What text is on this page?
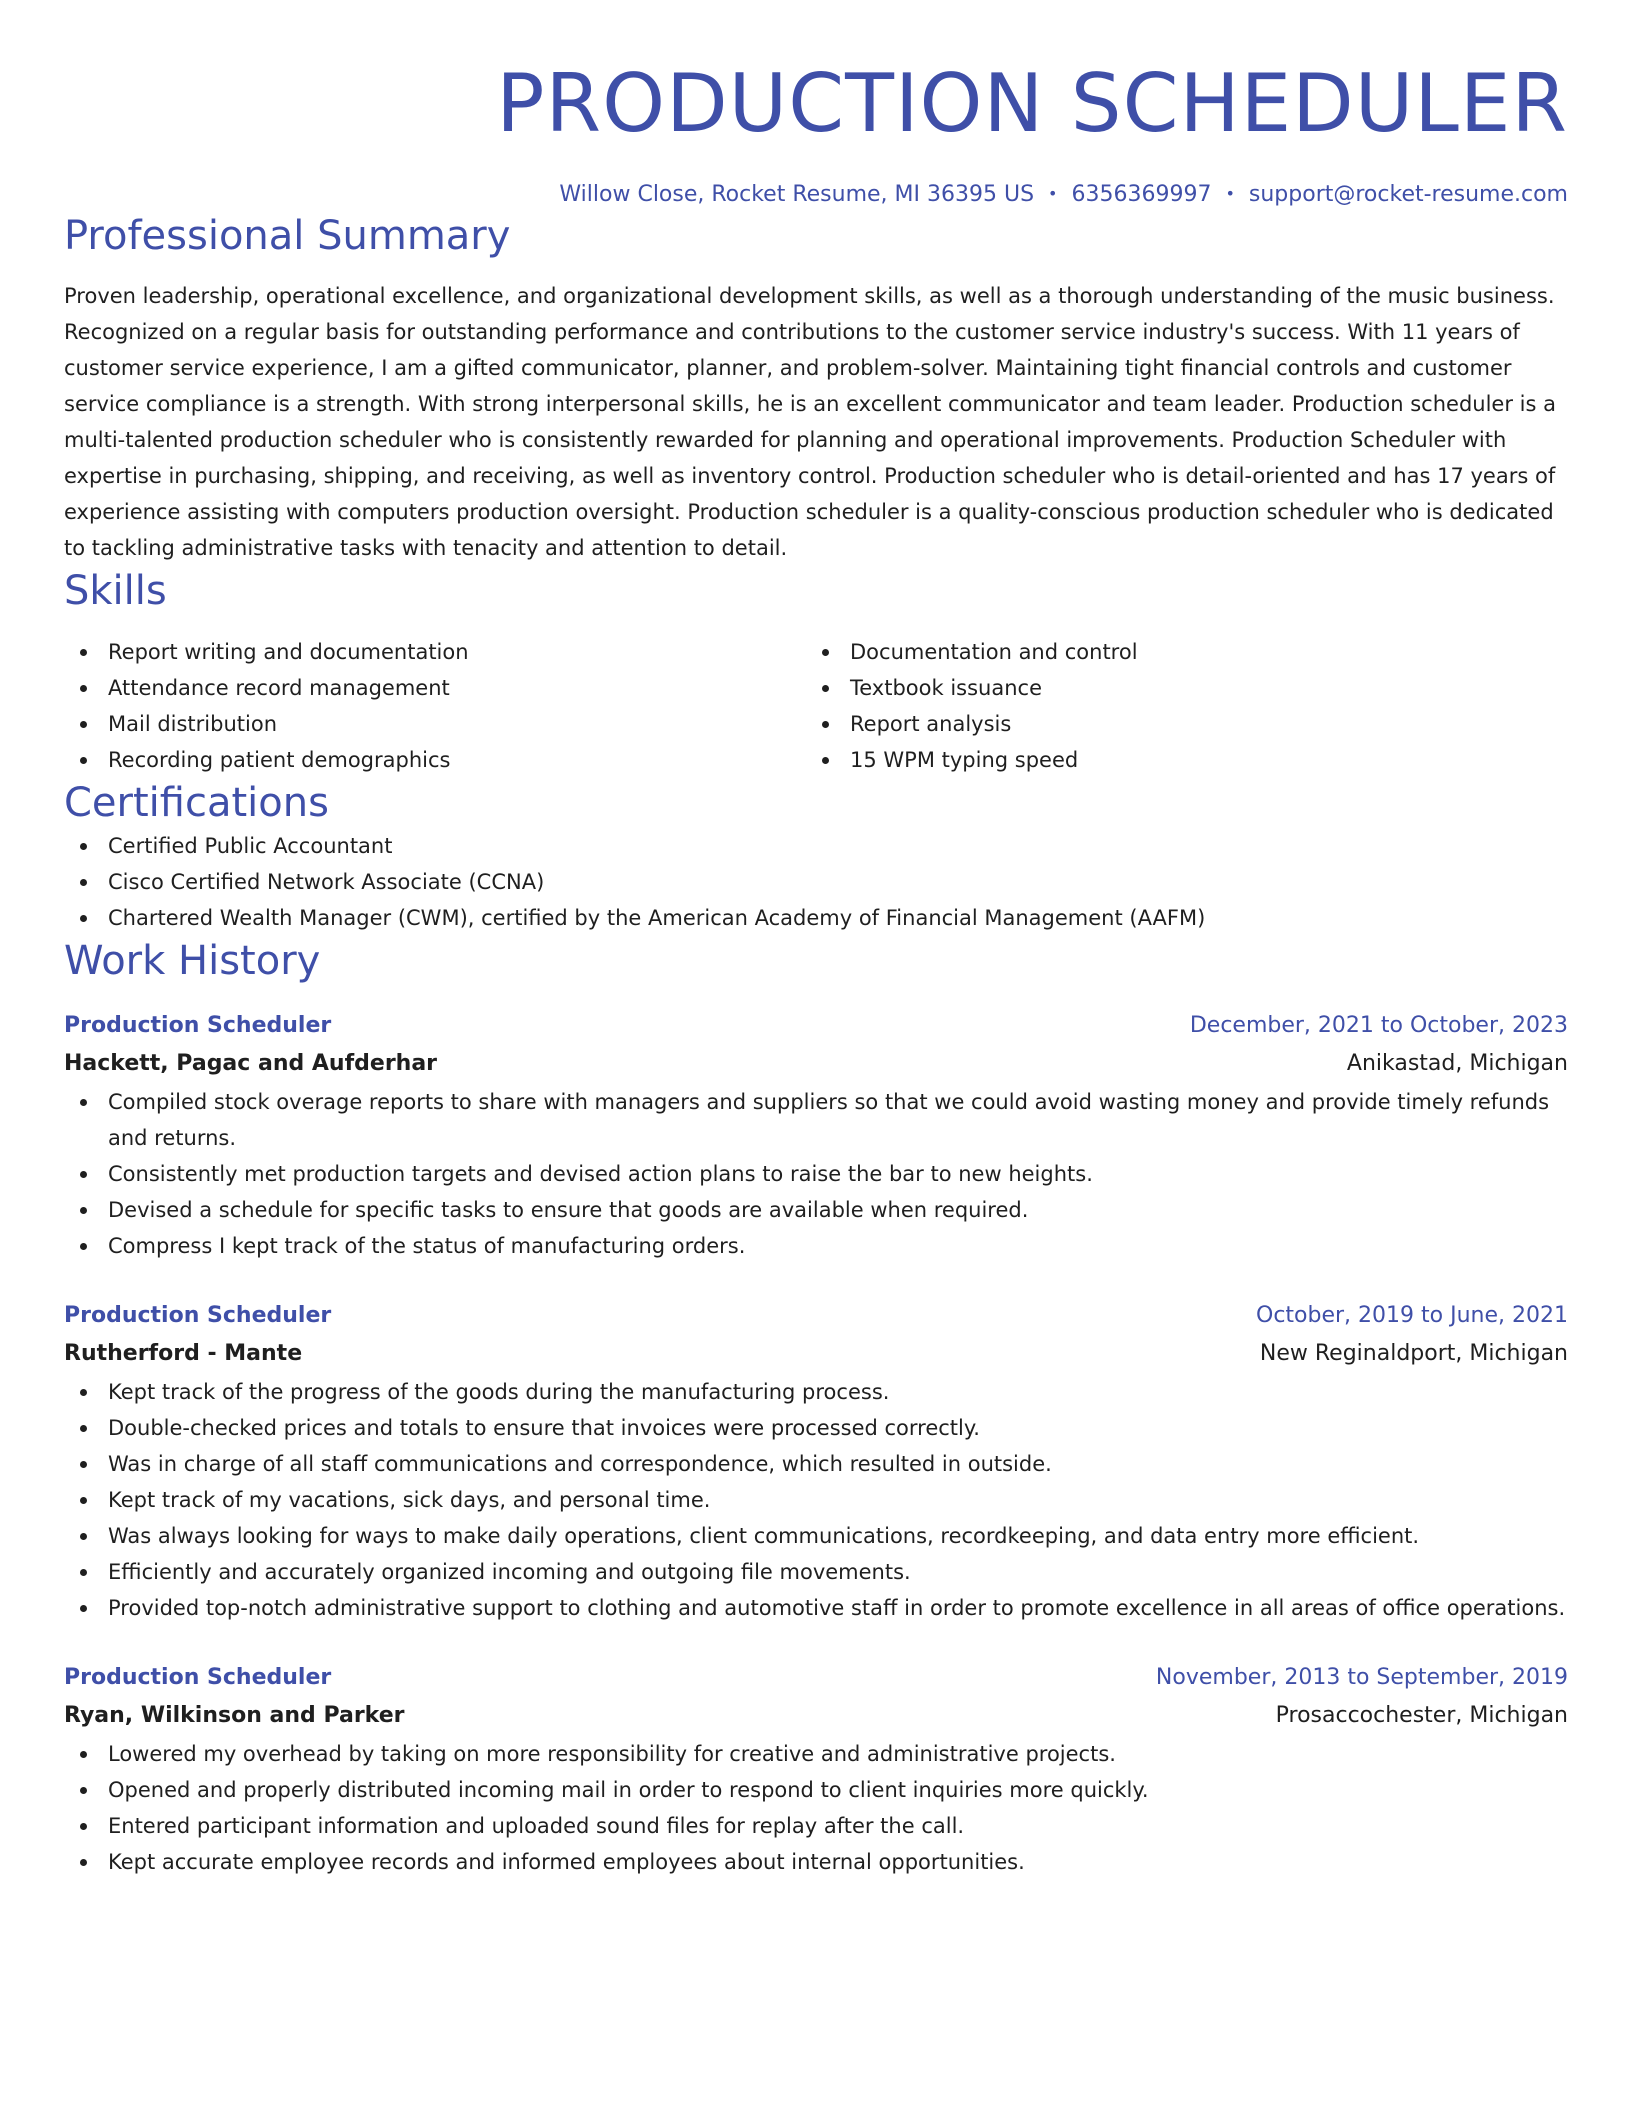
PRODUCTION SCHEDULER
Willow Close, Rocket Resume, MI 36395 US • 6356369997 • support@rocket-resume.com
Professional Summary

Proven leadership, operational excellence, and organizational development skills, as well as a thorough understanding of the music business. Recognized on a regular basis for outstanding performance and contributions to the customer service industry's success. With 11 years of customer service experience, I am a gifted communicator, planner, and problem-solver. Maintaining tight financial controls and customer service compliance is a strength. With strong interpersonal skills, he is an excellent communicator and team leader. Production scheduler is a multi-talented production scheduler who is consistently rewarded for planning and operational improvements. Production Scheduler with expertise in purchasing, shipping, and receiving, as well as inventory control. Production scheduler who is detail-oriented and has 17 years of experience assisting with computers production oversight. Production scheduler is a quality-conscious production scheduler who is dedicated to tackling administrative tasks with tenacity and attention to detail.

Skills
Report writing and documentation
Attendance record management
Mail distribution
Recording patient demographics
Documentation and control
Textbook issuance
Report analysis
15 WPM typing speed
Certifications
Certified Public Accountant
Cisco Certified Network Associate (CCNA)
Chartered Wealth Manager (CWM), certified by the American Academy of Financial Management (AAFM)
Work History
Production Scheduler	December, 2021 to October, 2023
Hackett, Pagac and Aufderhar	Anikastad, Michigan
Compiled stock overage reports to share with managers and suppliers so that we could avoid wasting money and provide timely refunds and returns.
Consistently met production targets and devised action plans to raise the bar to new heights.
Devised a schedule for specific tasks to ensure that goods are available when required.
Compress I kept track of the status of manufacturing orders.
Production Scheduler	October, 2019 to June, 2021
Rutherford - Mante	New Reginaldport, Michigan
Kept track of the progress of the goods during the manufacturing process.
Double-checked prices and totals to ensure that invoices were processed correctly.
Was in charge of all staff communications and correspondence, which resulted in outside.
Kept track of my vacations, sick days, and personal time.
Was always looking for ways to make daily operations, client communications, recordkeeping, and data entry more efficient.
Efficiently and accurately organized incoming and outgoing file movements.
Provided top-notch administrative support to clothing and automotive staff in order to promote excellence in all areas of office operations.
Production Scheduler	November, 2013 to September, 2019
Ryan, Wilkinson and Parker	Prosaccochester, Michigan
Lowered my overhead by taking on more responsibility for creative and administrative projects.
Opened and properly distributed incoming mail in order to respond to client inquiries more quickly.
Entered participant information and uploaded sound files for replay after the call.
Kept accurate employee records and informed employees about internal opportunities.
